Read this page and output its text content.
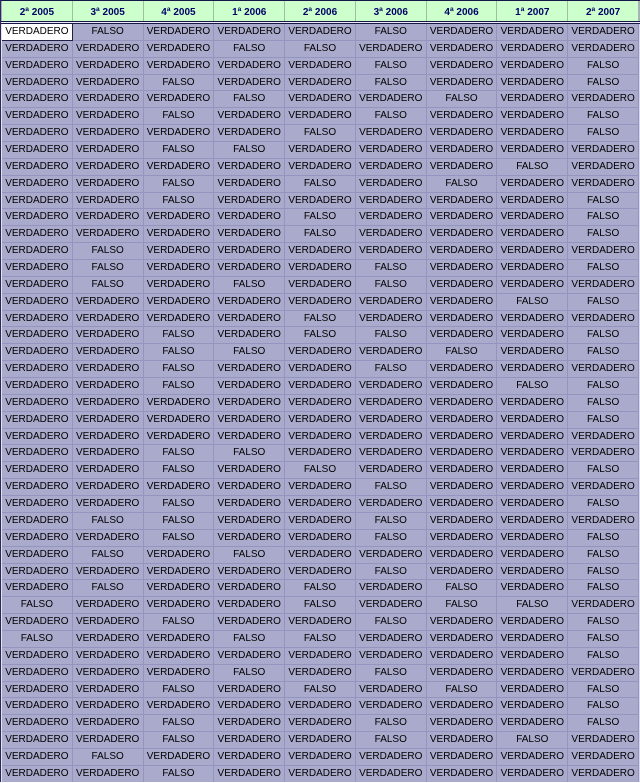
2ª 2005	3ª 2005	4ª 2005	1ª 2006	2ª 2006	3ª 2006	4ª 2006	1ª 2007	2ª 2007
VERDADERO	FALSO	VERDADERO VERDADERO VERDADERO	FALSO	VERDADERO VERDADERO VERDADERO
VERDADERO VERDADERO VERDADERO	FALSO	FALSO	VERDADERO VERDADERO VERDADERO VERDADERO
VERDADERO VERDADERO VERDADERO VERDADERO VERDADERO	FALSO	VERDADERO VERDADERO	FALSO
VERDADERO VERDADERO	FALSO	VERDADERO VERDADERO	FALSO	VERDADERO VERDADERO	FALSO
VERDADERO VERDADERO VERDADERO	FALSO	VERDADERO VERDADERO	FALSO	VERDADERO VERDADERO
VERDADERO VERDADERO	FALSO	VERDADERO VERDADERO	FALSO	VERDADERO VERDADERO	FALSO
VERDADERO VERDADERO VERDADERO VERDADERO	FALSO	VERDADERO VERDADERO VERDADERO	FALSO
VERDADERO VERDADERO	FALSO	FALSO	VERDADERO VERDADERO VERDADERO VERDADERO VERDADERO
VERDADERO VERDADERO VERDADERO VERDADERO VERDADERO VERDADERO VERDADERO	FALSO	VERDADERO
VERDADERO VERDADERO	FALSO	VERDADERO	FALSO	VERDADERO	FALSO	VERDADERO VERDADERO
VERDADERO VERDADERO	FALSO	VERDADERO VERDADERO VERDADERO VERDADERO VERDADERO	FALSO
VERDADERO VERDADERO VERDADERO VERDADERO	FALSO	VERDADERO VERDADERO VERDADERO	FALSO
VERDADERO VERDADERO VERDADERO VERDADERO	FALSO	VERDADERO VERDADERO VERDADERO	FALSO
VERDADERO	FALSO	VERDADERO VERDADERO VERDADERO VERDADERO VERDADERO VERDADERO VERDADERO
VERDADERO	FALSO	VERDADERO VERDADERO VERDADERO	FALSO	VERDADERO VERDADERO	FALSO
VERDADERO	FALSO	VERDADERO	FALSO	VERDADERO	FALSO	VERDADERO VERDADERO VERDADERO
VERDADERO VERDADERO VERDADERO VERDADERO VERDADERO VERDADERO VERDADERO	FALSO	FALSO
VERDADERO VERDADERO VERDADERO VERDADERO	FALSO	VERDADERO VERDADERO VERDADERO VERDADERO
VERDADERO VERDADERO	FALSO	VERDADERO	FALSO	FALSO	VERDADERO VERDADERO	FALSO
VERDADERO VERDADERO	FALSO	FALSO	VERDADERO VERDADERO	FALSO	VERDADERO	FALSO
VERDADERO VERDADERO	FALSO	VERDADERO VERDADERO	FALSO	VERDADERO VERDADERO VERDADERO
VERDADERO VERDADERO	FALSO	VERDADERO VERDADERO VERDADERO VERDADERO	FALSO	FALSO
VERDADERO VERDADERO VERDADERO VERDADERO VERDADERO VERDADERO VERDADERO VERDADERO	FALSO
VERDADERO VERDADERO VERDADERO VERDADERO VERDADERO VERDADERO VERDADERO VERDADERO	FALSO
VERDADERO VERDADERO VERDADERO VERDADERO VERDADERO VERDADERO VERDADERO VERDADERO VERDADERO
VERDADERO VERDADERO	FALSO	FALSO	VERDADERO VERDADERO VERDADERO VERDADERO VERDADERO
VERDADERO VERDADERO	FALSO	VERDADERO	FALSO	VERDADERO VERDADERO VERDADERO	FALSO
VERDADERO VERDADERO VERDADERO VERDADERO VERDADERO	FALSO	VERDADERO VERDADERO VERDADERO
VERDADERO VERDADERO	FALSO	VERDADERO VERDADERO VERDADERO VERDADERO VERDADERO	FALSO
VERDADERO	FALSO	FALSO	VERDADERO VERDADERO	FALSO	VERDADERO VERDADERO VERDADERO
VERDADERO VERDADERO	FALSO	VERDADERO VERDADERO	FALSO	VERDADERO VERDADERO	FALSO
VERDADERO	FALSO	VERDADERO	FALSO	VERDADERO VERDADERO VERDADERO VERDADERO	FALSO
VERDADERO VERDADERO VERDADERO VERDADERO VERDADERO	FALSO	VERDADERO VERDADERO	FALSO
VERDADERO	FALSO	VERDADERO VERDADERO	FALSO	VERDADERO	FALSO	VERDADERO	FALSO
FALSO	VERDADERO VERDADERO VERDADERO	FALSO	VERDADERO	FALSO	FALSO	VERDADERO
VERDADERO VERDADERO	FALSO	VERDADERO VERDADERO	FALSO	VERDADERO VERDADERO	FALSO
FALSO	VERDADERO VERDADERO	FALSO	FALSO	VERDADERO VERDADERO VERDADERO	FALSO
VERDADERO VERDADERO VERDADERO VERDADERO VERDADERO VERDADERO VERDADERO VERDADERO	FALSO
VERDADERO VERDADERO VERDADERO	FALSO	VERDADERO	FALSO	VERDADERO VERDADERO VERDADERO
VERDADERO VERDADERO	FALSO	VERDADERO	FALSO	VERDADERO	FALSO	VERDADERO	FALSO
VERDADERO VERDADERO VERDADERO VERDADERO VERDADERO VERDADERO VERDADERO VERDADERO	FALSO
VERDADERO VERDADERO	FALSO	VERDADERO VERDADERO	FALSO	VERDADERO VERDADERO	FALSO
VERDADERO VERDADERO	FALSO	VERDADERO VERDADERO	FALSO	VERDADERO	FALSO	VERDADERO
VERDADERO	FALSO	VERDADERO VERDADERO VERDADERO VERDADERO VERDADERO VERDADERO VERDADERO
VERDADERO VERDADERO	FALSO	VERDADERO VERDADERO VERDADERO VERDADERO VERDADERO VERDADERO
